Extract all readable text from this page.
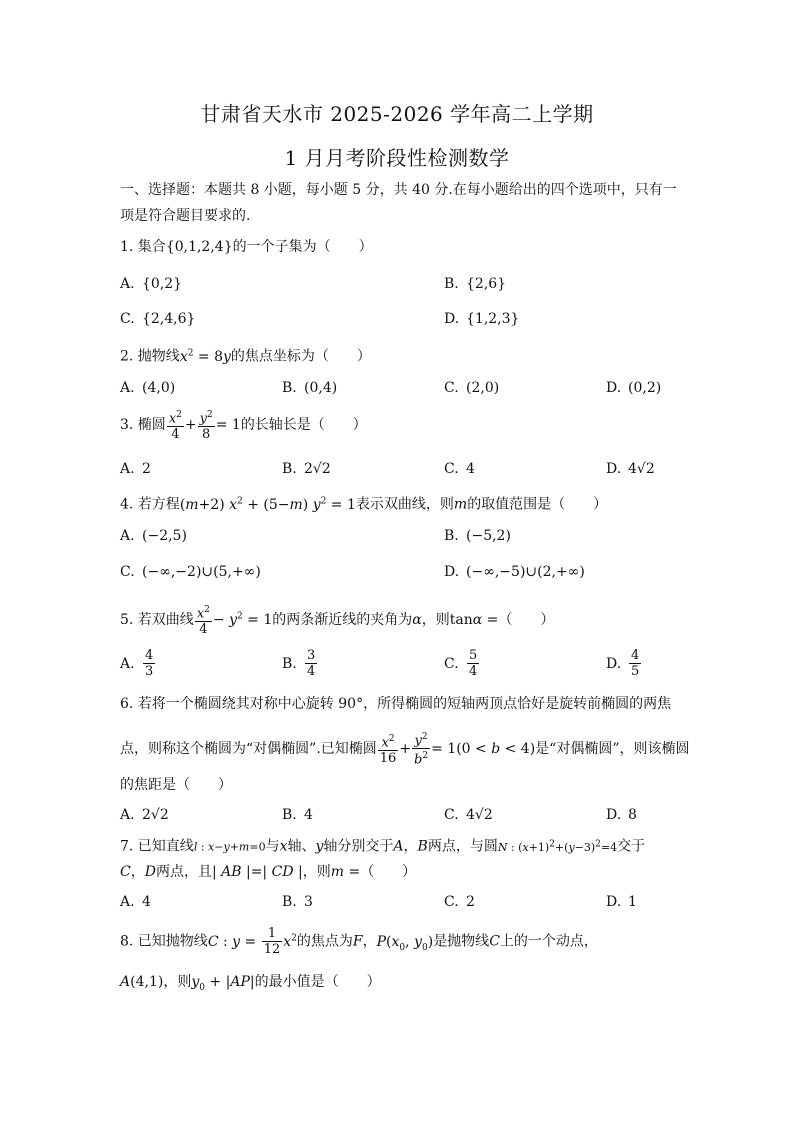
甘肃省天水市 2025-2026 学年高二上学期
1 月月考阶段性检测数学
一、选择题：本题共 8 小题，每小题 5 分，共 40 分.在每小题给出的四个选项中，只有一
项是符合题目要求的.
1. 集合{0,1,2,4}的一个子集为（　　）
A. {0,2}	B. {2,6}
C. {2,4,6}	D. {1,2,3}
2. 抛物线$x^2 = 8y$的焦点坐标为（　　）
A. (4,0)	B. (0,4)	C. (2,0)	D. (0,2)
3. 椭圆 $\frac{x^2}{4} + \frac{y^2}{8} = 1$的长轴长是（　　）
A. 2	B. 2√2	C. 4	D. 4√2
4. 若方程(m+2) $x^2 + (5-m) y^2 = 1$表示双曲线，则m的取值范围是（　　）
A. (−2,5)	B. (−5,2)
C. (−∞,−2)∪(5,+∞)	D. (−∞,−5)∪(2,+∞)
5. 若双曲线 $\frac{x^2}{4} - y^2 = 1$的两条渐近线的夹角为α，则tanα =（　　）
A. $\frac{4}{3}$	B. $\frac{3}{4}$	C. $\frac{5}{4}$	D. $\frac{4}{5}$
6. 若将一个椭圆绕其对称中心旋转 90°，所得椭圆的短轴两顶点恰好是旋转前椭圆的两焦
点，则称这个椭圆为“对偶椭圆”.已知椭圆 $\frac{x^2}{16} + \frac{y^2}{b^2} = 1(0 < b < 4)$是“对偶椭圆”，则该椭圆
的焦距是（　　）
A. 2√2	B. 4	C. 4√2	D. 8
7. 已知直线l : x−y+m=0与x轴、y轴分别交于A，B两点，与圆N : $(x+1)^2+(y-3)^2=4$交于
C，D两点，且| AB |=| CD |，则m =（　　）
A. 4	B. 3	C. 2	D. 1
8. 已知抛物线C : $y = \frac{1}{12} x^2$的焦点为F，$P(x_0$, $y_0$)是抛物线C上的一个动点，
A(4,1)，则$y_0 + |AP|$的最小值是（　　）
